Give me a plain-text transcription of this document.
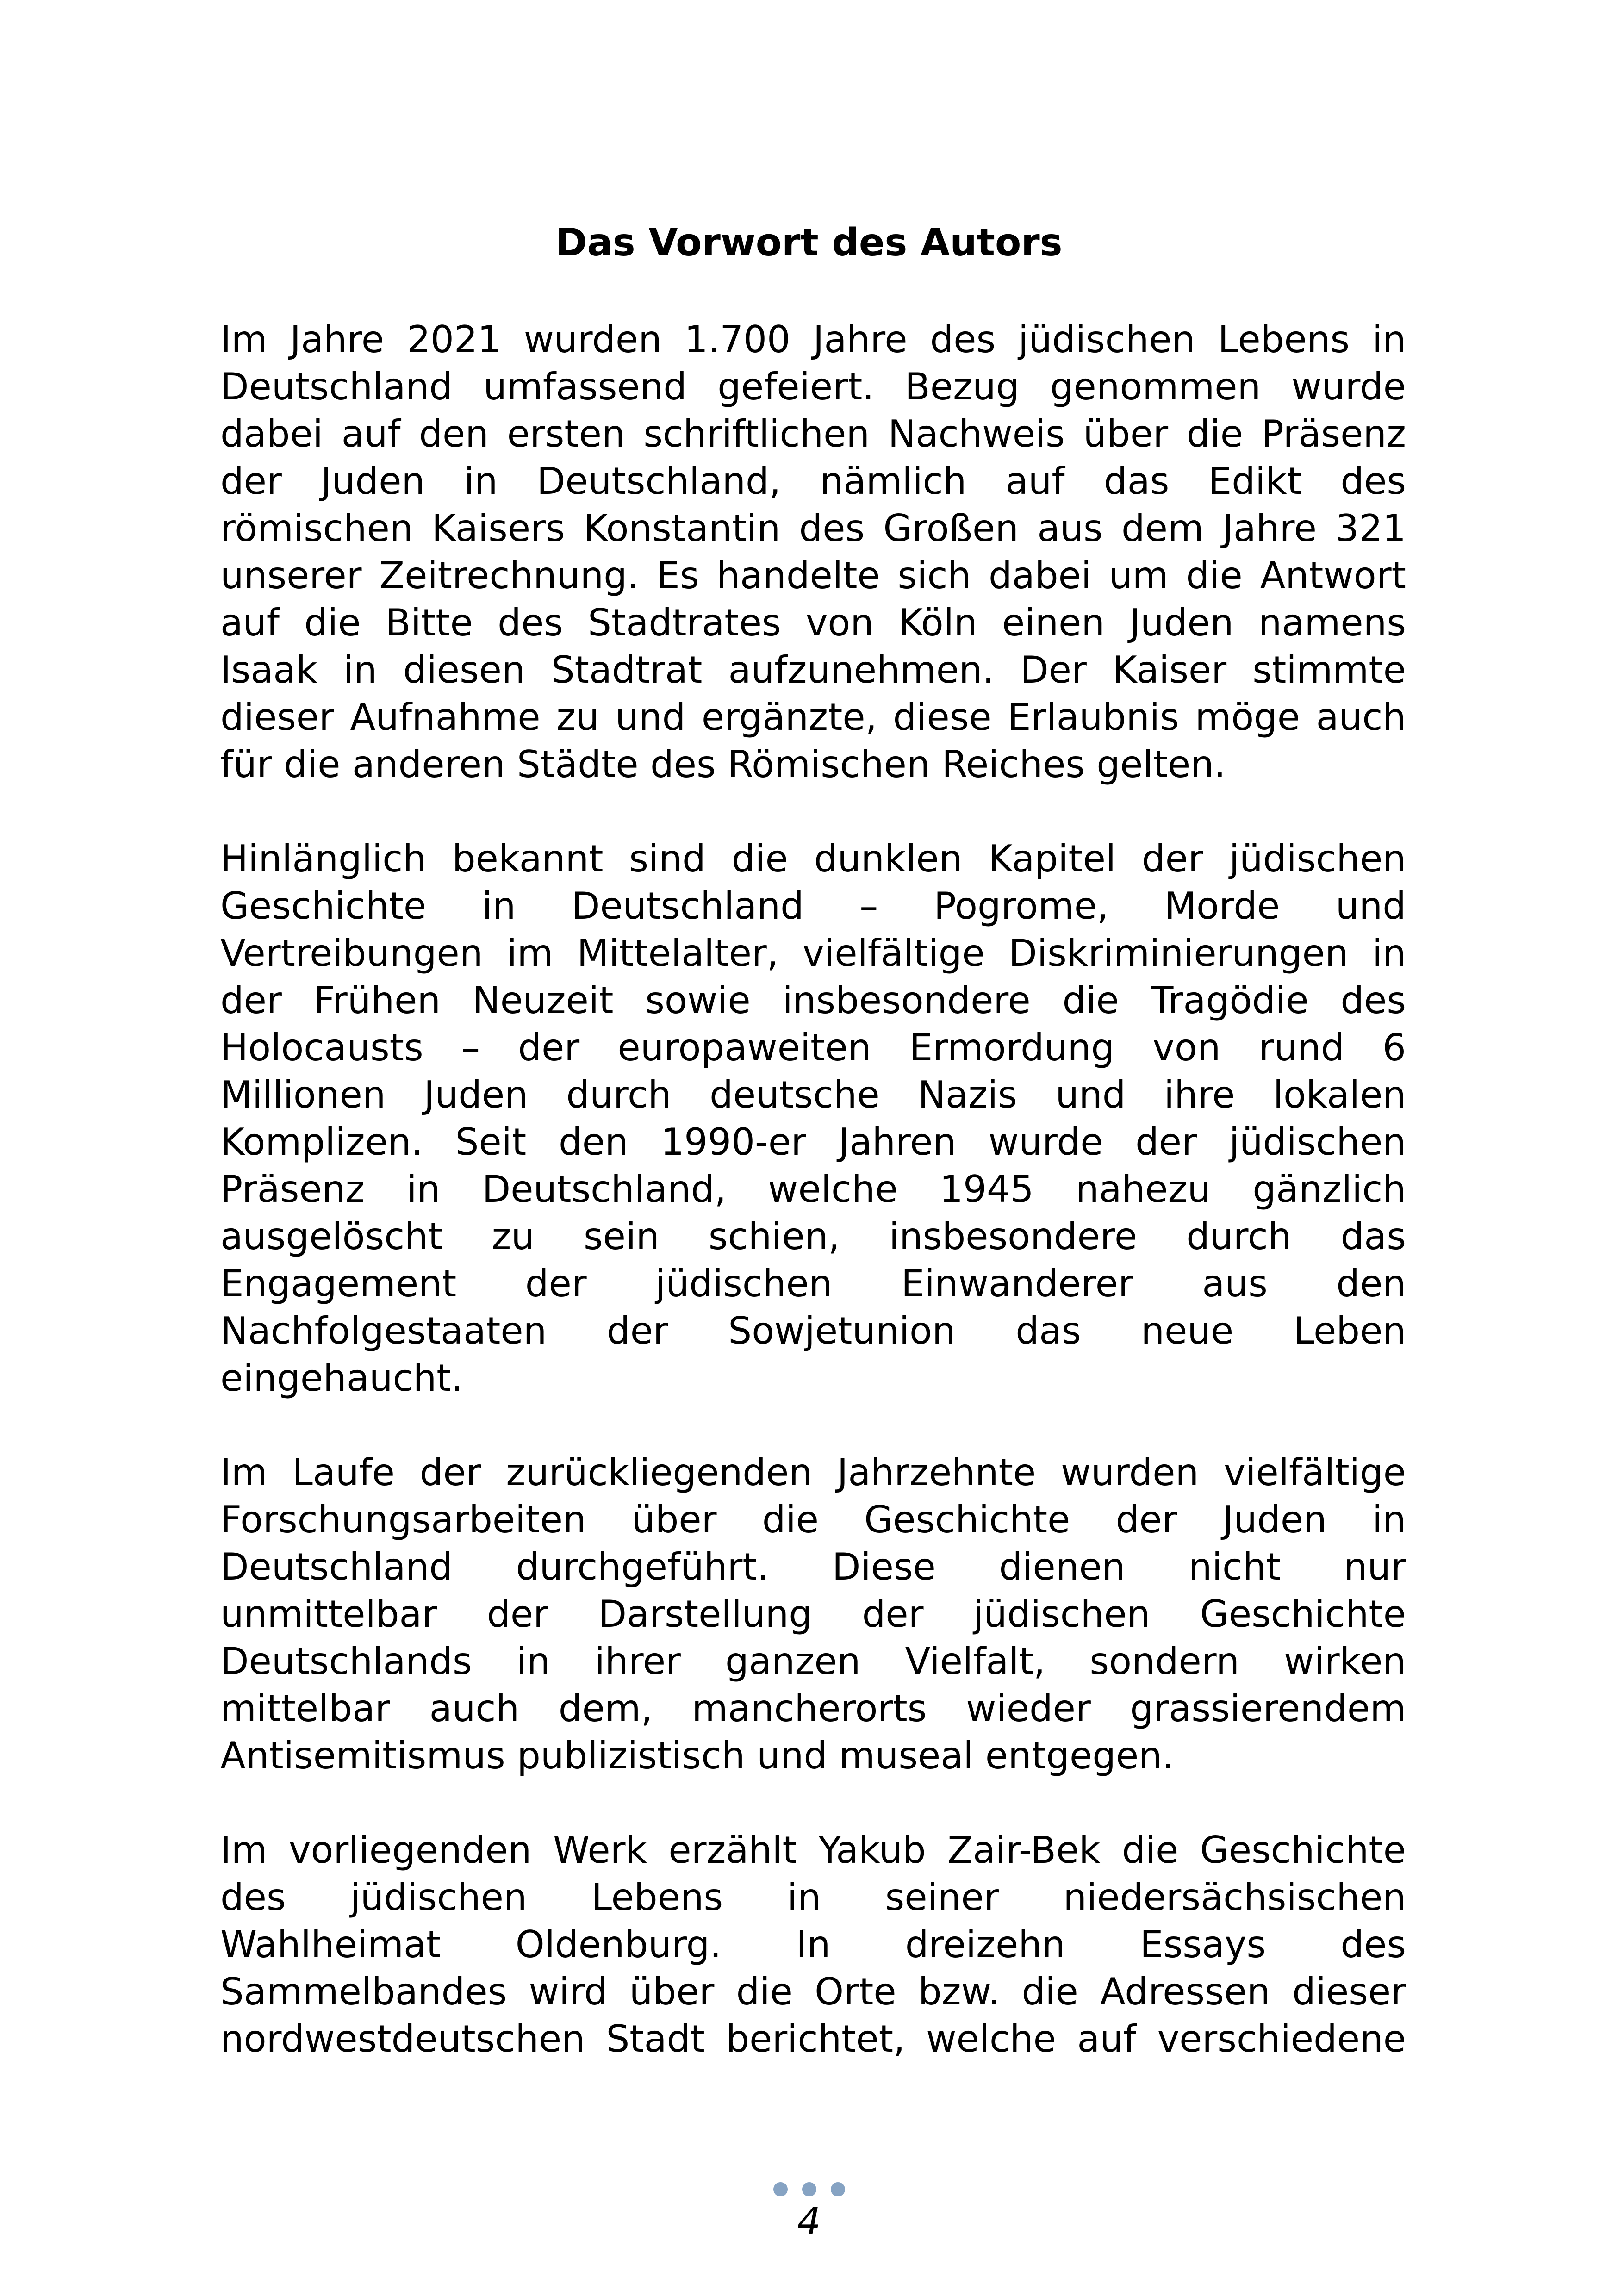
Das Vorwort des Autors
Im Jahre 2021 wurden 1.700 Jahre des jüdischen Lebens in
Deutschland umfassend gefeiert. Bezug genommen wurde
dabei auf den ersten schriftlichen Nachweis über die Präsenz
der Juden in Deutschland, nämlich auf das Edikt des
römischen Kaisers Konstantin des Großen aus dem Jahre 321
unserer Zeitrechnung. Es handelte sich dabei um die Antwort
auf die Bitte des Stadtrates von Köln einen Juden namens
Isaak in diesen Stadtrat aufzunehmen. Der Kaiser stimmte
dieser Aufnahme zu und ergänzte, diese Erlaubnis möge auch
für die anderen Städte des Römischen Reiches gelten.
Hinlänglich bekannt sind die dunklen Kapitel der jüdischen
Geschichte in Deutschland – Pogrome, Morde und
Vertreibungen im Mittelalter, vielfältige Diskriminierungen in
der Frühen Neuzeit sowie insbesondere die Tragödie des
Holocausts – der europaweiten Ermordung von rund 6
Millionen Juden durch deutsche Nazis und ihre lokalen
Komplizen. Seit den 1990-er Jahren wurde der jüdischen
Präsenz in Deutschland, welche 1945 nahezu gänzlich
ausgelöscht zu sein schien, insbesondere durch das
Engagement der jüdischen Einwanderer aus den
Nachfolgestaaten der Sowjetunion das neue Leben
eingehaucht.
Im Laufe der zurückliegenden Jahrzehnte wurden vielfältige
Forschungsarbeiten über die Geschichte der Juden in
Deutschland durchgeführt. Diese dienen nicht nur
unmittelbar der Darstellung der jüdischen Geschichte
Deutschlands in ihrer ganzen Vielfalt, sondern wirken
mittelbar auch dem, mancherorts wieder grassierendem
Antisemitismus publizistisch und museal entgegen.
Im vorliegenden Werk erzählt Yakub Zair-Bek die Geschichte
des jüdischen Lebens in seiner niedersächsischen
Wahlheimat Oldenburg. In dreizehn Essays des
Sammelbandes wird über die Orte bzw. die Adressen dieser
nordwestdeutschen Stadt berichtet, welche auf verschiedene
4
